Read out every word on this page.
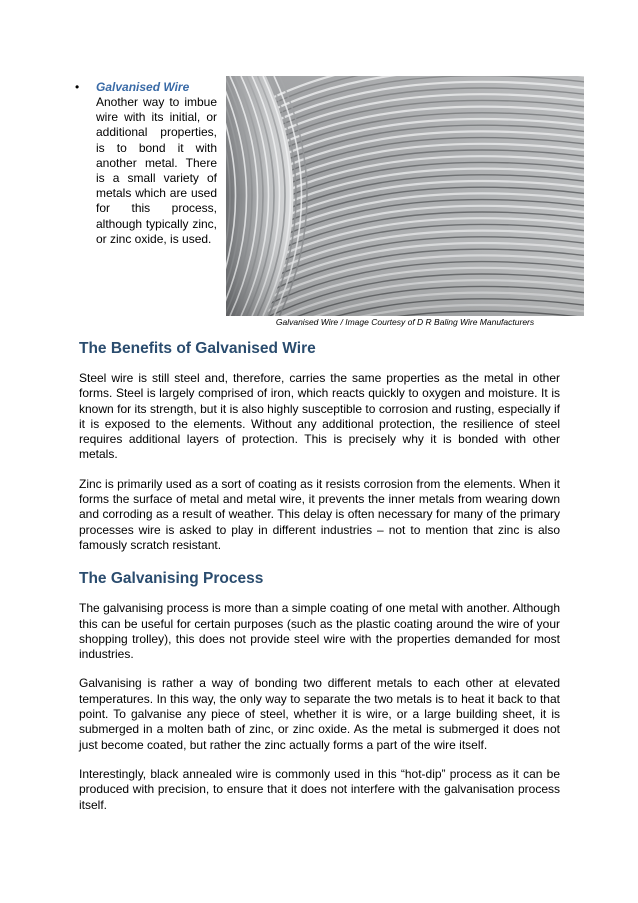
• Galvanised Wire

Another way to imbue wire with its initial, or additional properties, is to bond it with another metal. There is a small variety of metals which are used for this process, although typically zinc, or zinc oxide, is used.

Galvanised Wire / Image Courtesy of D R Baling Wire Manufacturers
The Benefits of Galvanised Wire

Steel wire is still steel and, therefore, carries the same properties as the metal in other forms. Steel is largely comprised of iron, which reacts quickly to oxygen and moisture. It is known for its strength, but it is also highly susceptible to corrosion and rusting, especially if it is exposed to the elements. Without any additional protection, the resilience of steel requires additional layers of protection. This is precisely why it is bonded with other metals.

Zinc is primarily used as a sort of coating as it resists corrosion from the elements. When it forms the surface of metal and metal wire, it prevents the inner metals from wearing down and corroding as a result of weather. This delay is often necessary for many of the primary processes wire is asked to play in different industries – not to mention that zinc is also famously scratch resistant.

The Galvanising Process

The galvanising process is more than a simple coating of one metal with another. Although this can be useful for certain purposes (such as the plastic coating around the wire of your shopping trolley), this does not provide steel wire with the properties demanded for most industries.

Galvanising is rather a way of bonding two different metals to each other at elevated temperatures. In this way, the only way to separate the two metals is to heat it back to that point. To galvanise any piece of steel, whether it is wire, or a large building sheet, it is submerged in a molten bath of zinc, or zinc oxide. As the metal is submerged it does not just become coated, but rather the zinc actually forms a part of the wire itself.

Interestingly, black annealed wire is commonly used in this “hot-dip” process as it can be produced with precision, to ensure that it does not interfere with the galvanisation process itself.
